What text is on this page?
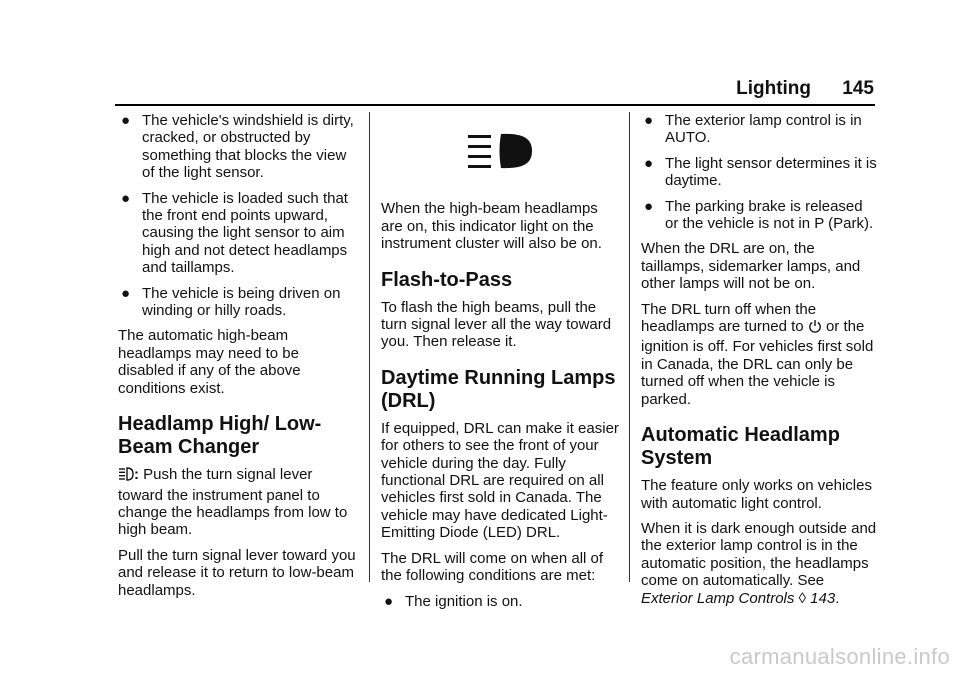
Lighting 145
● The vehicle's windshield is dirty, cracked, or obstructed by something that blocks the view of the light sensor.
● The vehicle is loaded such that the front end points upward, causing the light sensor to aim high and not detect headlamps and taillamps.
● The vehicle is being driven on winding or hilly roads.

The automatic high-beam headlamps may need to be disabled if any of the above conditions exist.

Headlamp High/ Low-Beam Changer

: Push the turn signal lever toward the instrument panel to change the headlamps from low to high beam.

Pull the turn signal lever toward you and release it to return to low-beam headlamps.

When the high-beam headlamps are on, this indicator light on the instrument cluster will also be on.

Flash-to-Pass

To flash the high beams, pull the turn signal lever all the way toward you. Then release it.

Daytime Running Lamps (DRL)

If equipped, DRL can make it easier for others to see the front of your vehicle during the day. Fully functional DRL are required on all vehicles first sold in Canada. The vehicle may have dedicated Light-Emitting Diode (LED) DRL.

The DRL will come on when all of the following conditions are met:

● The ignition is on.
● The exterior lamp control is in AUTO.
● The light sensor determines it is daytime.
● The parking brake is released or the vehicle is not in P (Park).

When the DRL are on, the taillamps, sidemarker lamps, and other lamps will not be on.

The DRL turn off when the headlamps are turned to  or the ignition is off. For vehicles first sold in Canada, the DRL can only be turned off when the vehicle is parked.

Automatic Headlamp System

The feature only works on vehicles with automatic light control.

When it is dark enough outside and the exterior lamp control is in the automatic position, the headlamps come on automatically. See Exterior Lamp Controls ◊ 143.

carmanualsonline.info
